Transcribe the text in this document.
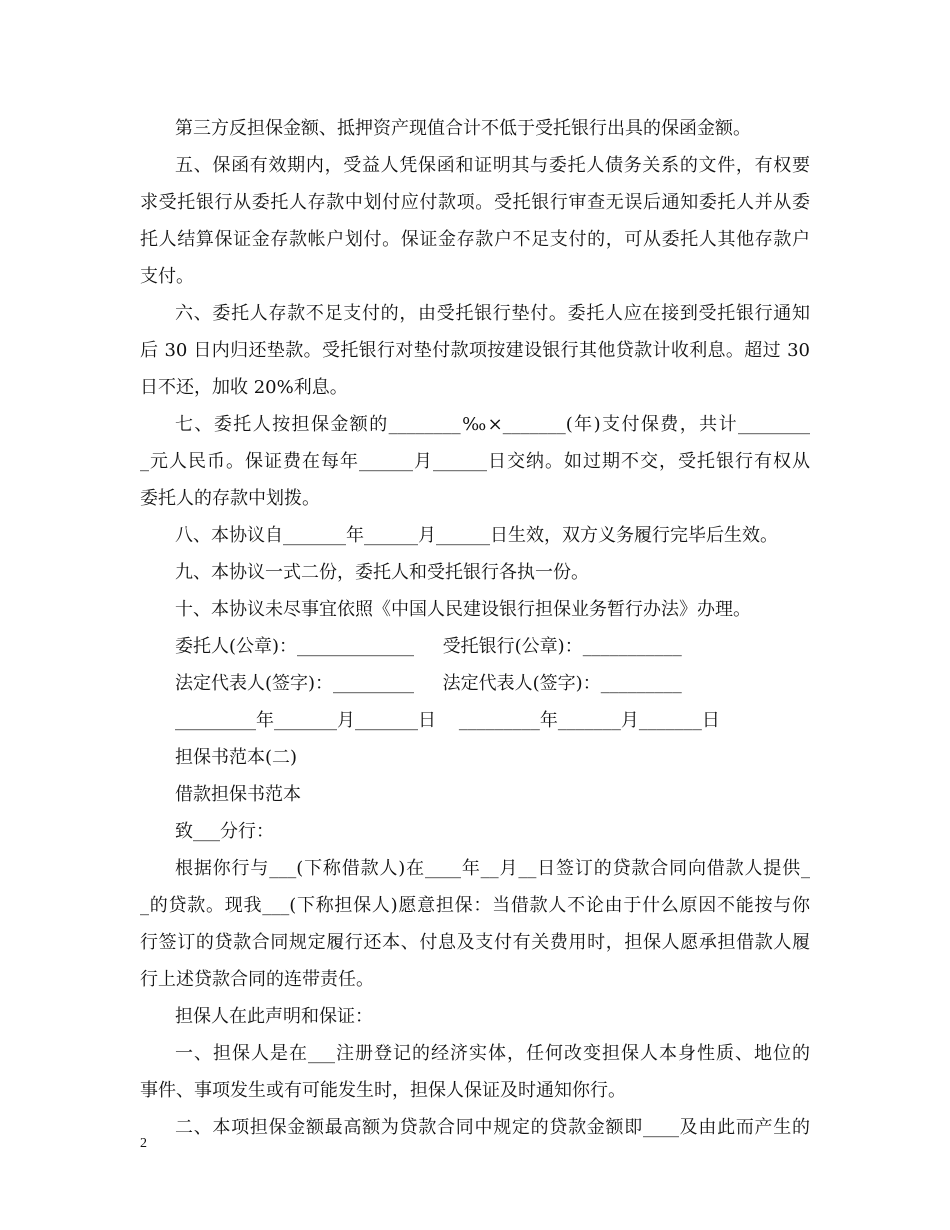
第三方反担保金额、抵押资产现值合计不低于受托银行出具的保函金额。
五、保函有效期内，受益人凭保函和证明其与委托人债务关系的文件，有权要
求受托银行从委托人存款中划付应付款项。受托银行审查无误后通知委托人并从委
托人结算保证金存款帐户划付。保证金存款户不足支付的，可从委托人其他存款户
支付。
六、委托人存款不足支付的，由受托银行垫付。委托人应在接到受托银行通知
后 30 日内归还垫款。受托银行对垫付款项按建设银行其他贷款计收利息。超过 30
日不还，加收 20%利息。
七、委托人按担保金额的________‰×_______(年)支付保费，共计________
_元人民币。保证费在每年______月______日交纳。如过期不交，受托银行有权从
委托人的存款中划拨。
八、本协议自_______年______月______日生效，双方义务履行完毕后生效。
九、本协议一式二份，委托人和受托银行各执一份。
十、本协议未尽事宜依照《中国人民建设银行担保业务暂行办法》办理。
委托人(公章)：_____________     受托银行(公章)：___________
法定代表人(签字)：_________     法定代表人(签字)：_________
_________年_______月_______日    _________年_______月_______日
担保书范本(二)
借款担保书范本
致___分行：
根据你行与___(下称借款人)在____年__月__日签订的贷款合同向借款人提供_
_的贷款。现我___(下称担保人)愿意担保：当借款人不论由于什么原因不能按与你
行签订的贷款合同规定履行还本、付息及支付有关费用时，担保人愿承担借款人履
行上述贷款合同的连带责任。
担保人在此声明和保证：
一、担保人是在___注册登记的经济实体，任何改变担保人本身性质、地位的
事件、事项发生或有可能发生时，担保人保证及时通知你行。
二、本项担保金额最高额为贷款合同中规定的贷款金额即____及由此而产生的
2
